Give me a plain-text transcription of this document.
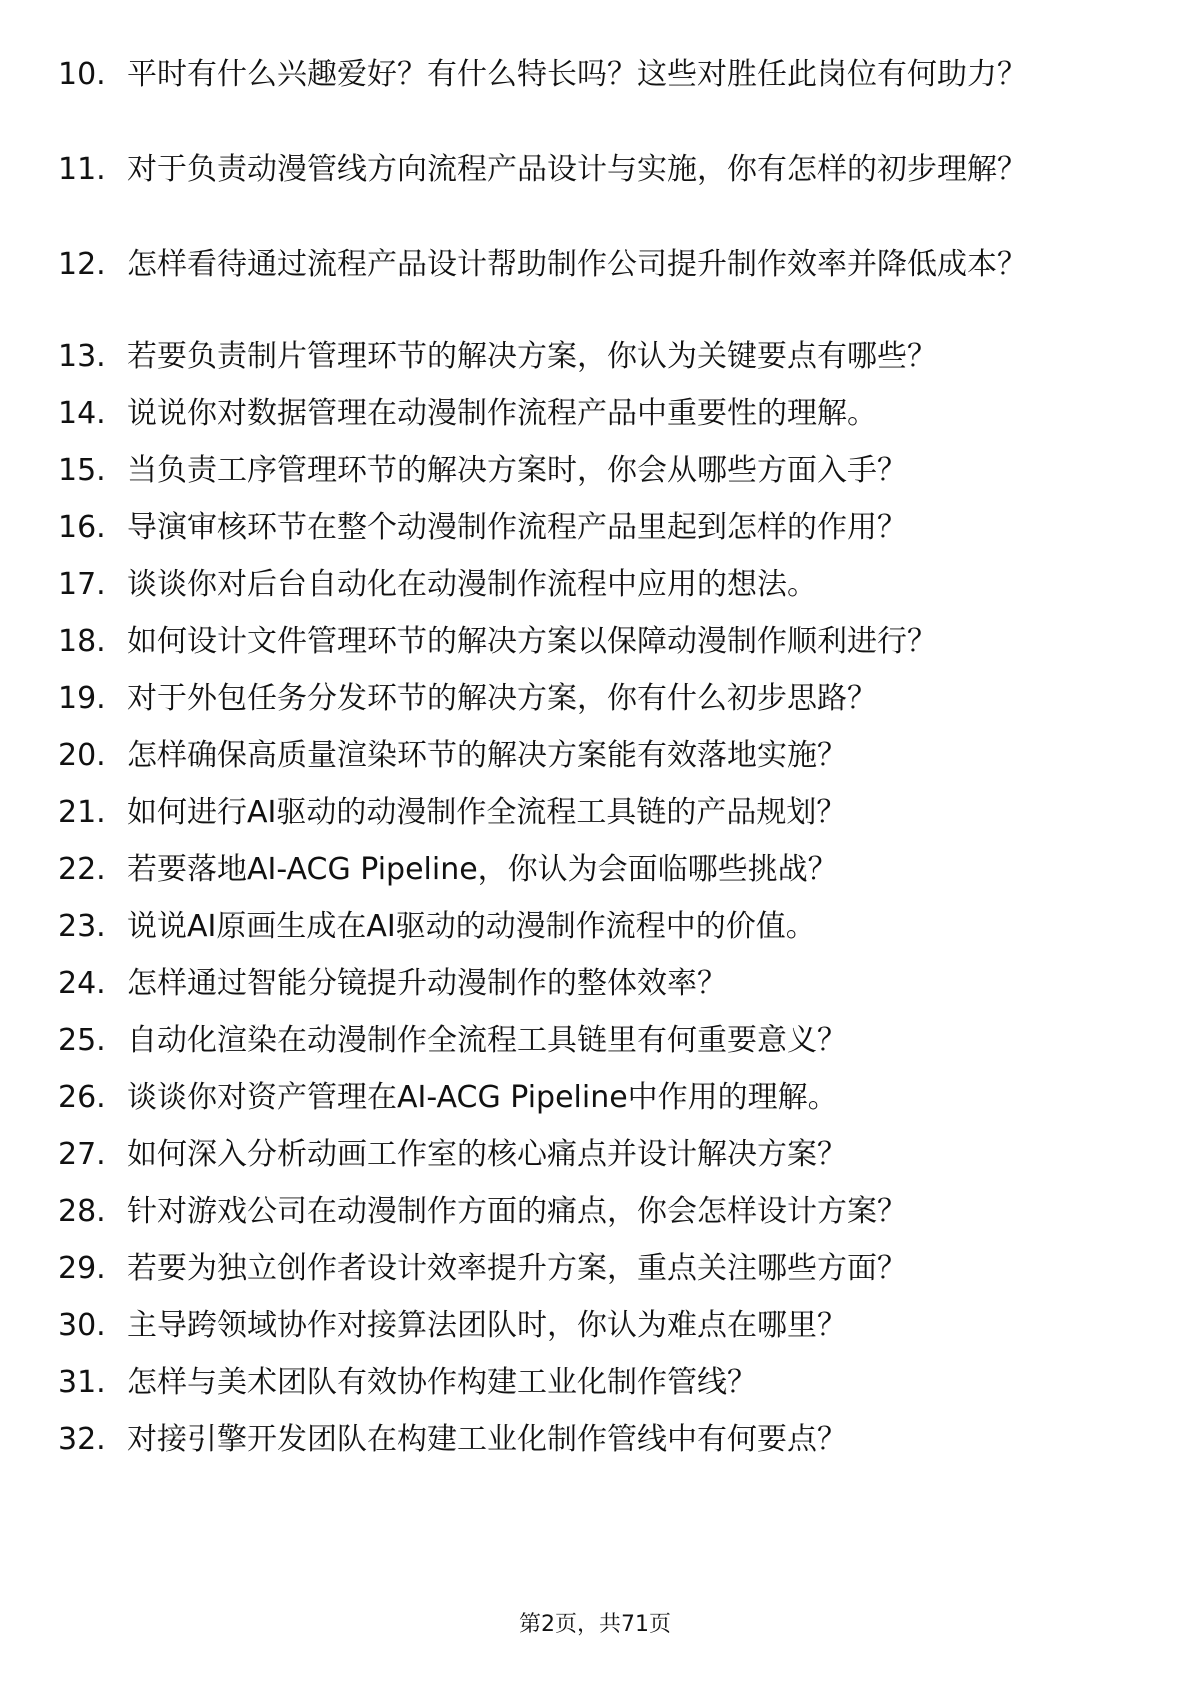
10. 平时有什么兴趣爱好？有什么特长吗？这些对胜任此岗位有何助力？
11. 对于负责动漫管线方向流程产品设计与实施，你有怎样的初步理解？
12. 怎样看待通过流程产品设计帮助制作公司提升制作效率并降低成本？
13. 若要负责制片管理环节的解决方案，你认为关键要点有哪些？
14. 说说你对数据管理在动漫制作流程产品中重要性的理解。
15. 当负责工序管理环节的解决方案时，你会从哪些方面入手？
16. 导演审核环节在整个动漫制作流程产品里起到怎样的作用？
17. 谈谈你对后台自动化在动漫制作流程中应用的想法。
18. 如何设计文件管理环节的解决方案以保障动漫制作顺利进行？
19. 对于外包任务分发环节的解决方案，你有什么初步思路？
20. 怎样确保高质量渲染环节的解决方案能有效落地实施？
21. 如何进行AI驱动的动漫制作全流程工具链的产品规划？
22. 若要落地AI-ACG Pipeline，你认为会面临哪些挑战？
23. 说说AI原画生成在AI驱动的动漫制作流程中的价值。
24. 怎样通过智能分镜提升动漫制作的整体效率？
25. 自动化渲染在动漫制作全流程工具链里有何重要意义？
26. 谈谈你对资产管理在AI-ACG Pipeline中作用的理解。
27. 如何深入分析动画工作室的核心痛点并设计解决方案？
28. 针对游戏公司在动漫制作方面的痛点，你会怎样设计方案？
29. 若要为独立创作者设计效率提升方案，重点关注哪些方面？
30. 主导跨领域协作对接算法团队时，你认为难点在哪里？
31. 怎样与美术团队有效协作构建工业化制作管线？
32. 对接引擎开发团队在构建工业化制作管线中有何要点？
第2页，共71页
